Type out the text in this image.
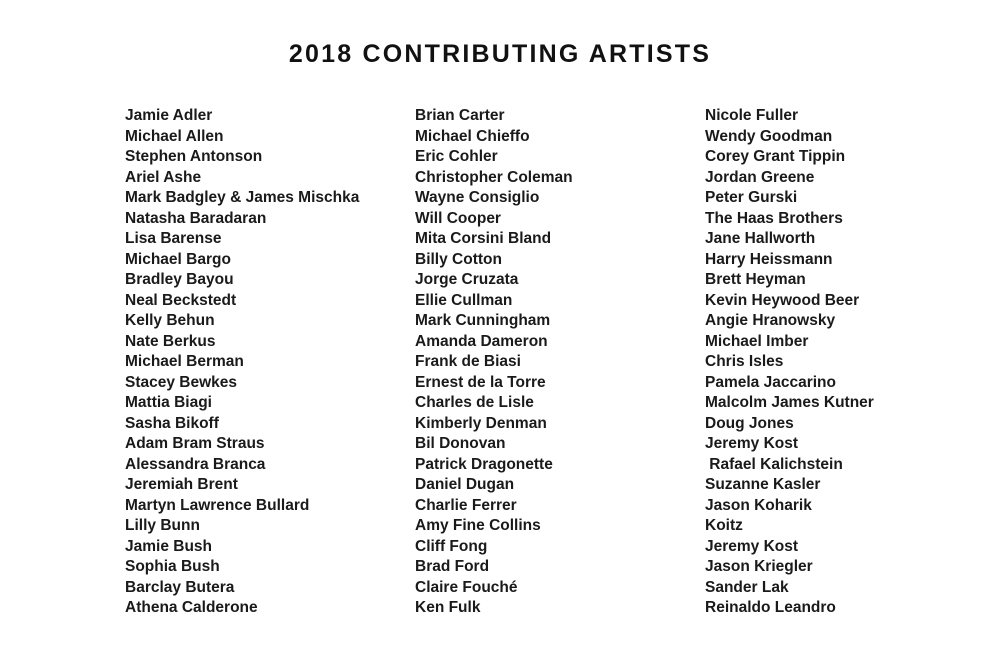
2018 CONTRIBUTING ARTISTS
Jamie Adler
Michael Allen
Stephen Antonson
Ariel Ashe
Mark Badgley & James Mischka
Natasha Baradaran
Lisa Barense
Michael Bargo
Bradley Bayou
Neal Beckstedt
Kelly Behun
Nate Berkus
Michael Berman
Stacey Bewkes
Mattia Biagi
Sasha Bikoff
Adam Bram Straus
Alessandra Branca
Jeremiah Brent
Martyn Lawrence Bullard
Lilly Bunn
Jamie Bush
Sophia Bush
Barclay Butera
Athena Calderone
Brian Carter
Michael Chieffo
Eric Cohler
Christopher Coleman
Wayne Consiglio
Will Cooper
Mita Corsini Bland
Billy Cotton
Jorge Cruzata
Ellie Cullman
Mark Cunningham
Amanda Dameron
Frank de Biasi
Ernest de la Torre
Charles de Lisle
Kimberly Denman
Bil Donovan
Patrick Dragonette
Daniel Dugan
Charlie Ferrer
Amy Fine Collins
Cliff Fong
Brad Ford
Claire Fouché
Ken Fulk
Nicole Fuller
Wendy Goodman
Corey Grant Tippin
Jordan Greene
Peter Gurski
The Haas Brothers
Jane Hallworth
Harry Heissmann
Brett Heyman
Kevin Heywood Beer
Angie Hranowsky
Michael Imber
Chris Isles
Pamela Jaccarino
Malcolm James Kutner
Doug Jones
Jeremy Kost
Rafael Kalichstein
Suzanne Kasler
Jason Koharik
Koitz
Jeremy Kost
Jason Kriegler
Sander Lak
Reinaldo Leandro
